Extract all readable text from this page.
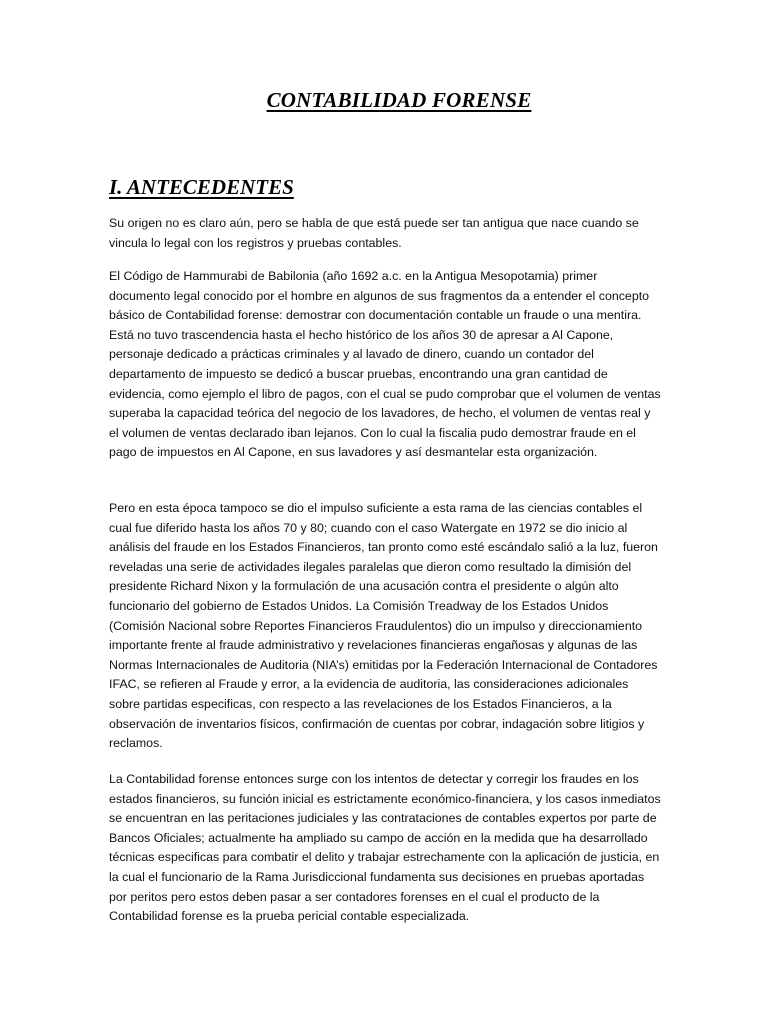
CONTABILIDAD FORENSE
I. ANTECEDENTES

Su origen no es claro aún, pero se habla de que está puede ser tan antigua que nace cuando se vincula lo legal con los registros y pruebas contables.

El Código de Hammurabi de Babilonia (año 1692 a.c. en la Antigua Mesopotamia) primer documento legal conocido por el hombre en algunos de sus fragmentos da a entender el concepto básico de Contabilidad forense: demostrar con documentación contable un fraude o una mentira. Está no tuvo trascendencia hasta el hecho histórico de los años 30 de apresar a Al Capone, personaje dedicado a prácticas criminales y al lavado de dinero, cuando un contador del departamento de impuesto se dedicó a buscar pruebas, encontrando una gran cantidad de evidencia, como ejemplo el libro de pagos, con el cual se pudo comprobar que el volumen de ventas superaba la capacidad teórica del negocio de los lavadores, de hecho, el volumen de ventas real y el volumen de ventas declarado iban lejanos. Con lo cual la fiscalia pudo demostrar fraude en el pago de impuestos en Al Capone, en sus lavadores y así desmantelar esta organización.

Pero en esta época tampoco se dio el impulso suficiente a esta rama de las ciencias contables el cual fue diferido hasta los años 70 y 80; cuando con el caso Watergate en 1972 se dio inicio al análisis del fraude en los Estados Financieros, tan pronto como esté escándalo salió a la luz, fueron reveladas una serie de actividades ilegales paralelas que dieron como resultado la dimisión del presidente Richard Nixon y la formulación de una acusación contra el presidente o algún alto funcionario del gobierno de Estados Unidos. La Comisión Treadway de los Estados Unidos (Comisión Nacional sobre Reportes Financieros Fraudulentos) dio un impulso y direccionamiento importante frente al fraude administrativo y revelaciones financieras engañosas y algunas de las Normas Internacionales de Auditoria (NIA’s) emitidas por la Federación Internacional de Contadores IFAC, se refieren al Fraude y error, a la evidencia de auditoria, las consideraciones adicionales sobre partidas especificas, con respecto a las revelaciones de los Estados Financieros, a la observación de inventarios físicos, confirmación de cuentas por cobrar, indagación sobre litigios y reclamos.

La Contabilidad forense entonces surge con los intentos de detectar y corregir los fraudes en los estados financieros, su función inicial es estrictamente económico-financiera, y los casos inmediatos se encuentran en las peritaciones judiciales y las contrataciones de contables expertos por parte de Bancos Oficiales; actualmente ha ampliado su campo de acción en la medida que ha desarrollado técnicas especificas para combatir el delito y trabajar estrechamente con la aplicación de justicia, en la cual el funcionario de la Rama Jurisdiccional fundamenta sus decisiones en pruebas aportadas por peritos pero estos deben pasar a ser contadores forenses en el cual el producto de la Contabilidad forense es la prueba pericial contable especializada.
